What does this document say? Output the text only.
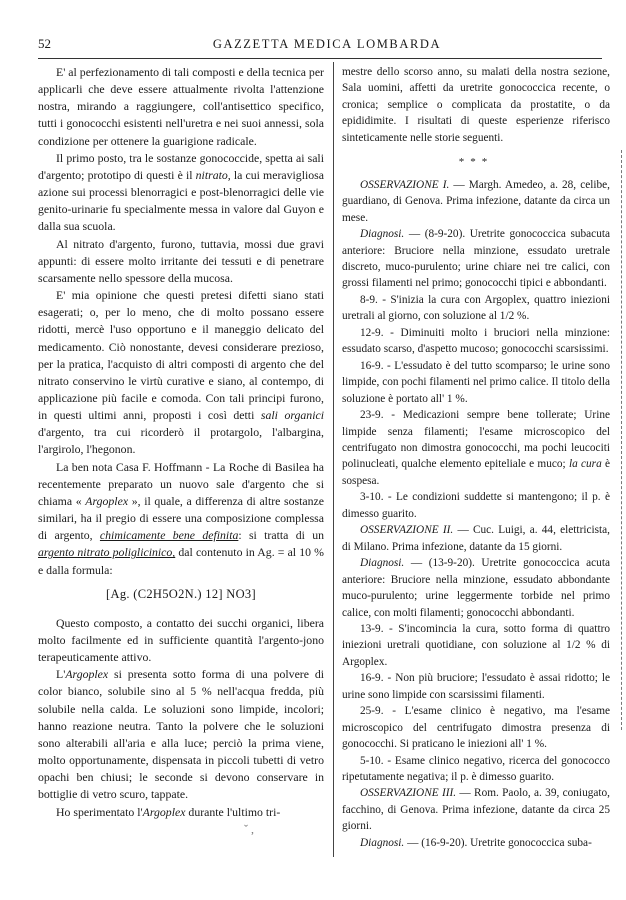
52	GAZZETTA MEDICA LOMBARDA

E' al perfezionamento di tali composti e della tecnica per applicarli che deve essere attualmente rivolta l'attenzione nostra, mirando a raggiungere, coll'antisettico specifico, tutti i gonococchi esistenti nell'uretra e nei suoi annessi, sola condizione per ottenere la guarigione radicale.

Il primo posto, tra le sostanze gonococcide, spetta ai sali d'argento; prototipo di questi è il nitrato, la cui meravigliosa azione sui processi blenorragici e post-blenorragici delle vie genito-urinarie fu specialmente messa in valore dal Guyon e dalla sua scuola.

Al nitrato d'argento, furono, tuttavia, mossi due gravi appunti: di essere molto irritante dei tessuti e di penetrare scarsamente nello spessore della mucosa.

E' mia opinione che questi pretesi difetti siano stati esagerati; o, per lo meno, che di molto possano essere ridotti, mercè l'uso opportuno e il maneggio delicato del medicamento. Ciò nonostante, devesi considerare prezioso, per la pratica, l'acquisto di altri composti di argento che del nitrato conservino le virtù curative e siano, al contempo, di applicazione più facile e comoda. Con tali principi furono, in questi ultimi anni, proposti i così detti sali organici d'argento, tra cui ricorderò il protargolo, l'albargina, l'argirolo, l'hegonon.

La ben nota Casa F. Hoffmann - La Roche di Basilea ha recentemente preparato un nuovo sale d'argento che si chiama « Argoplex », il quale, a differenza di altre sostanze similari, ha il pregio di essere una composizione complessa di argento, chimicamente bene definita: si tratta di un argento nitrato poliglicinico, dal contenuto in Ag. = al 10 % e dalla formula:

[Ag. (C2H5O2N.) 12] NO3]

Questo composto, a contatto dei succhi organici, libera molto facilmente ed in sufficiente quantità l'argento-jono terapeuticamente attivo.

L'Argoplex si presenta sotto forma di una polvere di color bianco, solubile sino al 5 % nell'acqua fredda, più solubile nella calda. Le soluzioni sono limpide, incolori; hanno reazione neutra. Tanto la polvere che le soluzioni sono alterabili all'aria e alla luce; perciò la prima viene, molto opportunamente, dispensata in piccoli tubetti di vetro opachi ben chiusi; le seconde si devono conservare in bottiglie di vetro scuro, tappate.

Ho sperimentato l'Argoplex durante l'ultimo tri-

mestre dello scorso anno, su malati della nostra sezione, Sala uomini, affetti da uretrite gonococcica recente, o cronica; semplice o complicata da prostatite, o da epididimite. I risultati di queste esperienze riferisco sinteticamente nelle storie seguenti.

***

OSSERVAZIONE I. — Margh. Amedeo, a. 28, celibe, guardiano, di Genova. Prima infezione, datante da circa un mese.

Diagnosi. — (8-9-20). Uretrite gonococcica subacuta anteriore: Bruciore nella minzione, essudato uretrale discreto, muco-purulento; urine chiare nei tre calici, con grossi filamenti nel primo; gonococchi tipici e abbondanti.

8-9. - S'inizia la cura con Argoplex, quattro iniezioni uretrali al giorno, con soluzione al 1/2 %.

12-9. - Diminuiti molto i bruciori nella minzione: essudato scarso, d'aspetto mucoso; gonococchi scarsissimi.

16-9. - L'essudato è del tutto scomparso; le urine sono limpide, con pochi filamenti nel primo calice. Il titolo della soluzione è portato all' 1 %.

23-9. - Medicazioni sempre bene tollerate; Urine limpide senza filamenti; l'esame microscopico del centrifugato non dimostra gonococchi, ma pochi leucociti polinucleati, qualche elemento epiteliale e muco; la cura è sospesa.

3-10. - Le condizioni suddette si mantengono; il p. è dimesso guarito.

OSSERVAZIONE II. — Cuc. Luigi, a. 44, elettricista, di Milano. Prima infezione, datante da 15 giorni.

Diagnosi. — (13-9-20). Uretrite gonococcica acuta anteriore: Bruciore nella minzione, essudato abbondante muco-purulento; urine leggermente torbide nel primo calice, con molti filamenti; gonococchi abbondanti.

13-9. - S'incomincia la cura, sotto forma di quattro iniezioni uretrali quotidiane, con soluzione al 1/2 % di Argoplex.

16-9. - Non più bruciore; l'essudato è assai ridotto; le urine sono limpide con scarsissimi filamenti.

25-9. - L'esame clinico è negativo, ma l'esame microscopico del centrifugato dimostra presenza di gonococchi. Si praticano le iniezioni all' 1 %.

5-10. - Esame clinico negativo, ricerca del gonococco ripetutamente negativa; il p. è dimesso guarito.

OSSERVAZIONE III. — Rom. Paolo, a. 39, coniugato, facchino, di Genova. Prima infezione, datante da circa 25 giorni.

Diagnosi. — (16-9-20). Uretrite gonococcica suba-

ˇ ,
